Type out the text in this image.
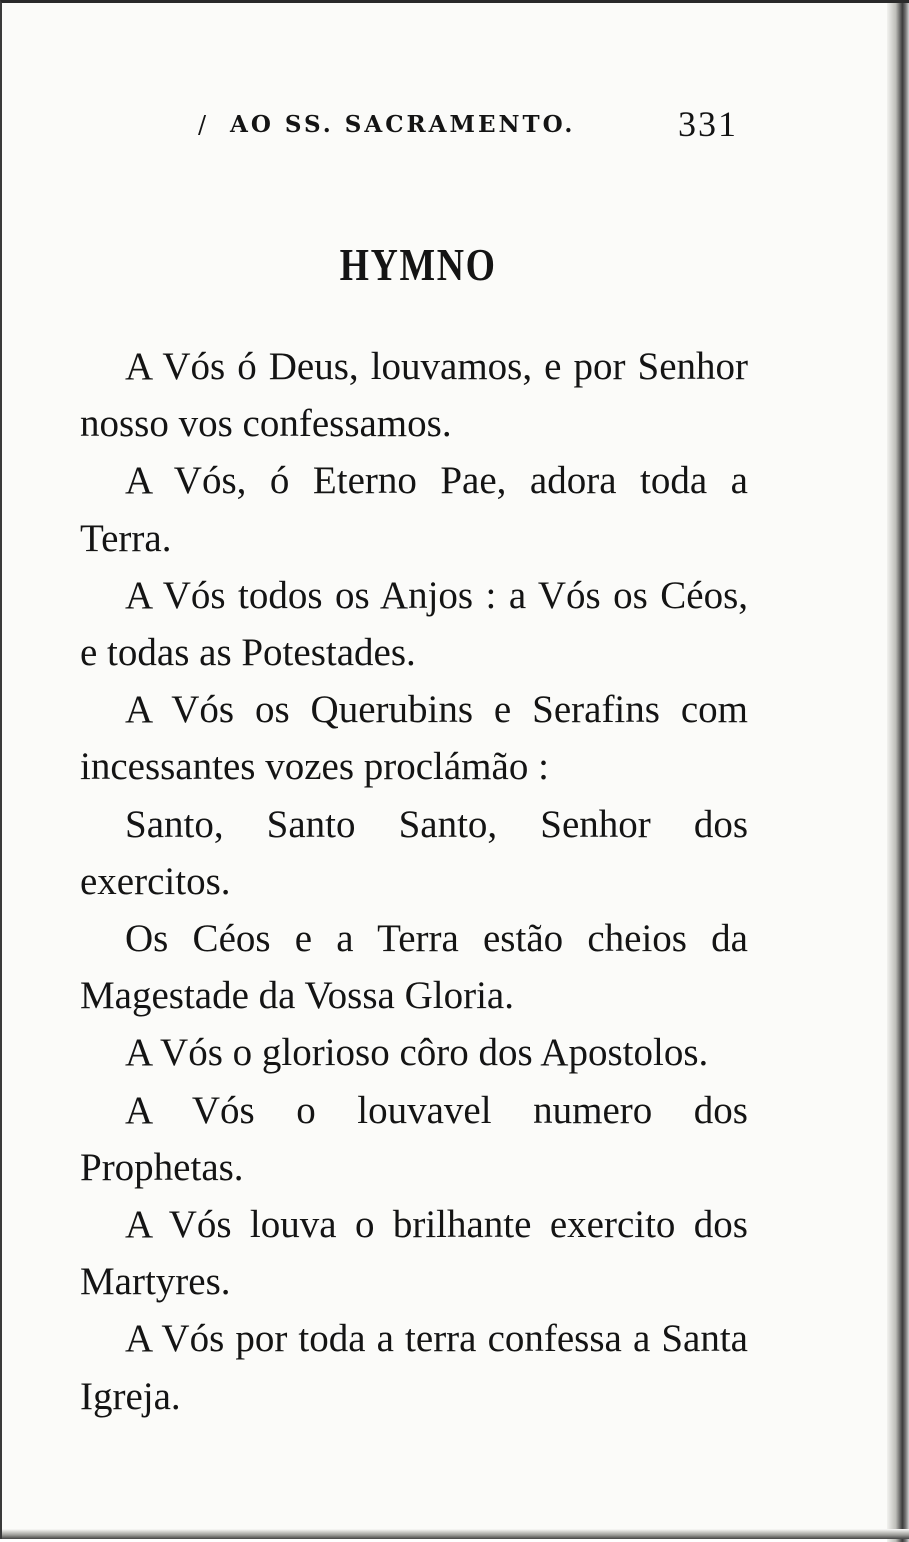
/ AO SS. SACRAMENTO.	331
HYMNO

A Vós ó Deus, louvamos, e por Senhor nosso vos confessamos.

A Vós, ó Eterno Pae, adora toda a Terra.

A Vós todos os Anjos : a Vós os Céos, e todas as Potestades.

A Vós os Querubins e Serafins com incessantes vozes proclámão :

Santo, Santo Santo, Senhor dos exercitos.

Os Céos e a Terra estão cheios da Magestade da Vossa Gloria.

A Vós o glorioso côro dos Apostolos.

A Vós o louvavel numero dos Prophetas.

A Vós louva o brilhante exercito dos Martyres.

A Vós por toda a terra confessa a Santa Igreja.
